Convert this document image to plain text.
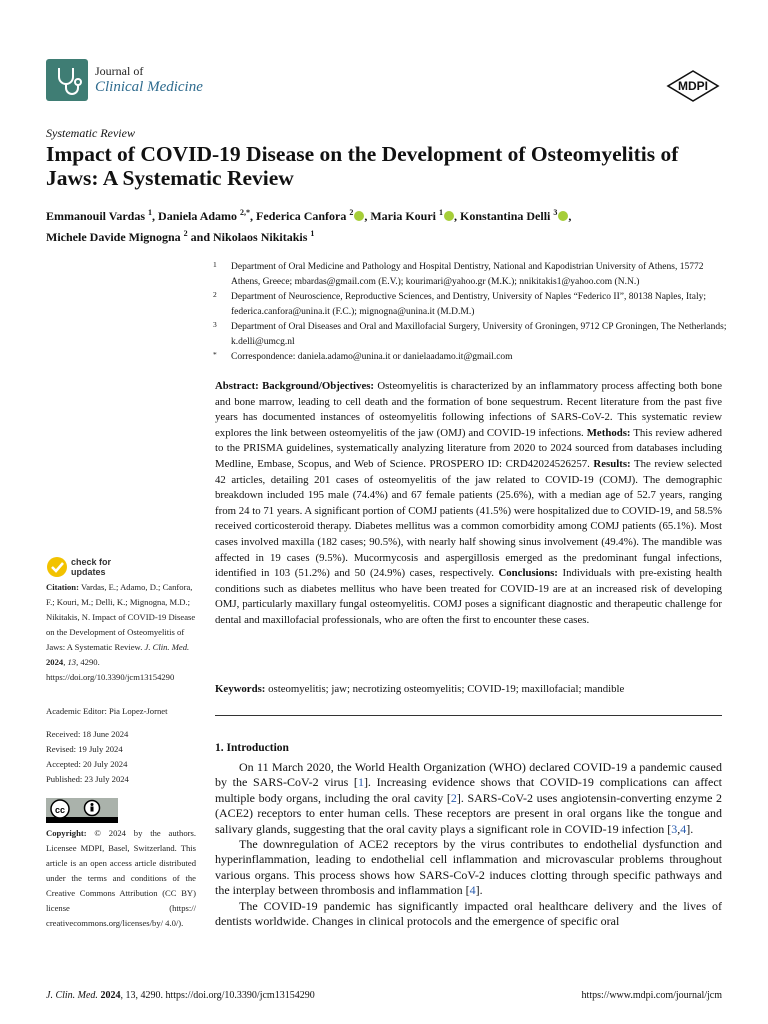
Journal of
Clinical Medicine	MDPI
Systematic Review
Impact of COVID-19 Disease on the Development of Osteomyelitis of Jaws: A Systematic Review
Emmanouil Vardas $^1$, Daniela Adamo $^{2,*}$, Federica Canfora $^2$ , Maria Kouri $^1$ , Konstantina Delli $^3$ ,
Michele Davide Mignogna $^2$ and Nikolaos Nikitakis $^1$
1	Department of Oral Medicine and Pathology and Hospital Dentistry, National and Kapodistrian University of Athens, 15772 Athens, Greece; mbardas@gmail.com (E.V.); kourimari@yahoo.gr (M.K.); nnikitakis1@yahoo.com (N.N.)
2	Department of Neuroscience, Reproductive Sciences, and Dentistry, University of Naples “Federico II”, 80138 Naples, Italy; federica.canfora@unina.it (F.C.); mignogna@unina.it (M.D.M.)
3	Department of Oral Diseases and Oral and Maxillofacial Surgery, University of Groningen, 9712 CP Groningen, The Netherlands; k.delli@umcg.nl
*	Correspondence: daniela.adamo@unina.it or danielaadamo.it@gmail.com
Abstract: Background/Objectives: Osteomyelitis is characterized by an inflammatory process affecting both bone and bone marrow, leading to cell death and the formation of bone sequestrum. Recent literature from the past five years has documented instances of osteomyelitis following infections of SARS-CoV-2. This systematic review explores the link between osteomyelitis of the jaw (OMJ) and COVID-19 infections. Methods: This review adhered to the PRISMA guidelines, systematically analyzing literature from 2020 to 2024 sourced from databases including Medline, Embase, Scopus, and Web of Science. PROSPERO ID: CRD42024526257. Results: The review selected 42 articles, detailing 201 cases of osteomyelitis of the jaw related to COVID-19 (COMJ). The demographic breakdown included 195 male (74.4%) and 67 female patients (25.6%), with a median age of 52.7 years, ranging from 24 to 71 years. A significant portion of COMJ patients (41.5%) were hospitalized due to COVID-19, and 58.5% received corticosteroid therapy. Diabetes mellitus was a common comorbidity among COMJ patients (65.1%). Most cases involved maxilla (182 cases; 90.5%), with nearly half showing sinus involvement (49.4%). The mandible was affected in 19 cases (9.5%). Mucormycosis and aspergillosis emerged as the predominant fungal infections, identified in 103 (51.2%) and 50 (24.9%) cases, respectively. Conclusions: Individuals with pre-existing health conditions such as diabetes mellitus who have been treated for COVID-19 are at an increased risk of developing OMJ, particularly maxillary fungal osteomyelitis. COMJ poses a significant diagnostic and therapeutic challenge for dental and maxillofacial professionals, who are often the first to encounter these cases.
Keywords: osteomyelitis; jaw; necrotizing osteomyelitis; COVID-19; maxillofacial; mandible
1. Introduction

On 11 March 2020, the World Health Organization (WHO) declared COVID-19 a pandemic caused by the SARS-CoV-2 virus [1]. Increasing evidence shows that COVID-19 complications can affect multiple body organs, including the oral cavity [2]. SARS-CoV-2 uses angiotensin-converting enzyme 2 (ACE2) receptors to enter human cells. These receptors are present in oral organs like the tongue and salivary glands, suggesting that the oral cavity plays a significant role in COVID-19 infection [3,4].

The downregulation of ACE2 receptors by the virus contributes to endothelial dysfunction and hyperinflammation, leading to endothelial cell inflammation and microvascular problems throughout various organs. This process shows how SARS-CoV-2 induces clotting through specific pathways and the interplay between thrombosis and inflammation [4].

The COVID-19 pandemic has significantly impacted oral healthcare delivery and the lives of dentists worldwide. Changes in clinical protocols and the emergence of specific oral

check for
updates
Citation: Vardas, E.; Adamo, D.; Canfora, F.; Kouri, M.; Delli, K.; Mignogna, M.D.; Nikitakis, N. Impact of COVID-19 Disease on the Development of Osteomyelitis of Jaws: A Systematic Review. J. Clin. Med. 2024, 13, 4290. https://doi.org/10.3390/jcm13154290
Academic Editor: Pia Lopez-Jornet
Received: 18 June 2024
Revised: 19 July 2024
Accepted: 20 July 2024
Published: 23 July 2024
cc
Copyright: © 2024 by the authors. Licensee MDPI, Basel, Switzerland. This article is an open access article distributed under the terms and conditions of the Creative Commons Attribution (CC BY) license (https:// creativecommons.org/licenses/by/ 4.0/).
J. Clin. Med. 2024, 13, 4290. https://doi.org/10.3390/jcm13154290	https://www.mdpi.com/journal/jcm
